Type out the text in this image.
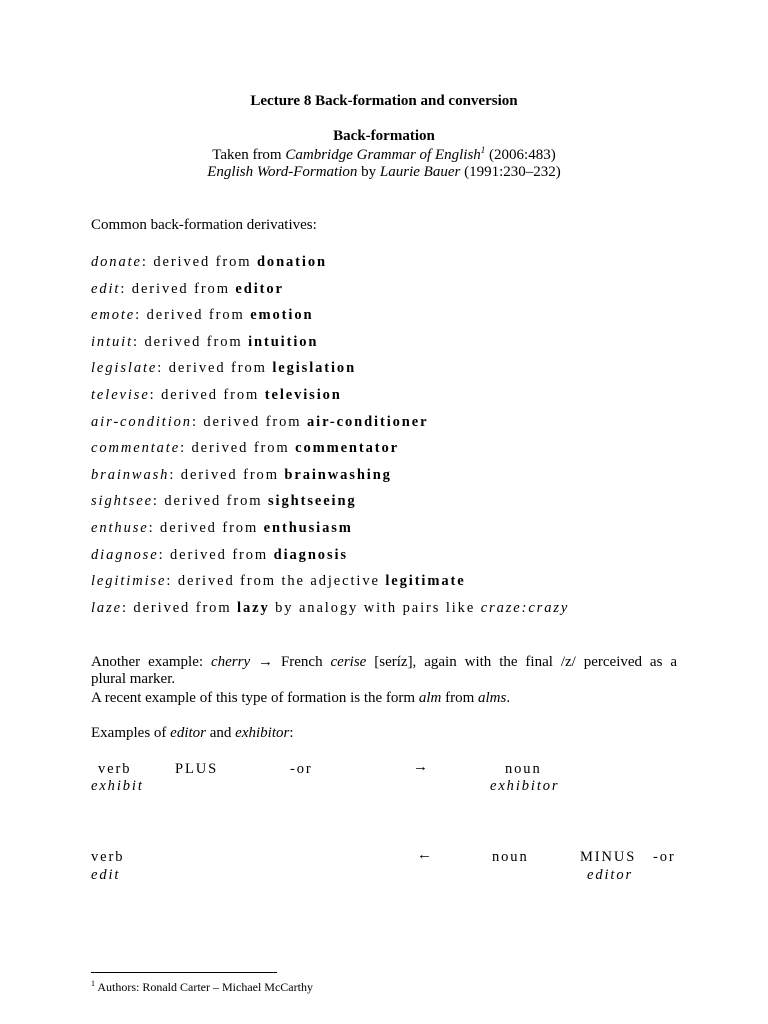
Lecture 8 Back-formation and conversion
Back-formation
Taken from Cambridge Grammar of English$^1$ (2006:483)
English Word-Formation by Laurie Bauer (1991:230–232)
Common back-formation derivatives:
donate: derived from donation
edit: derived from editor
emote: derived from emotion
intuit: derived from intuition
legislate: derived from legislation
televise: derived from television
air-condition: derived from air-conditioner
commentate: derived from commentator
brainwash: derived from brainwashing
sightsee: derived from sightseeing
enthuse: derived from enthusiasm
diagnose: derived from diagnosis
legitimise: derived from the adjective legitimate
laze: derived from lazy by analogy with pairs like craze:crazy
Another example: cherry → French cerise [seríz], again with the final /z/ perceived as a
plural marker.
A recent example of this type of formation is the form alm from alms.
Examples of editor and exhibitor:
verb	PLUS	-or	→	noun
exhibit	exhibitor
verb	←	noun	MINUS -or
edit	editor
$^1$ Authors: Ronald Carter – Michael McCarthy
